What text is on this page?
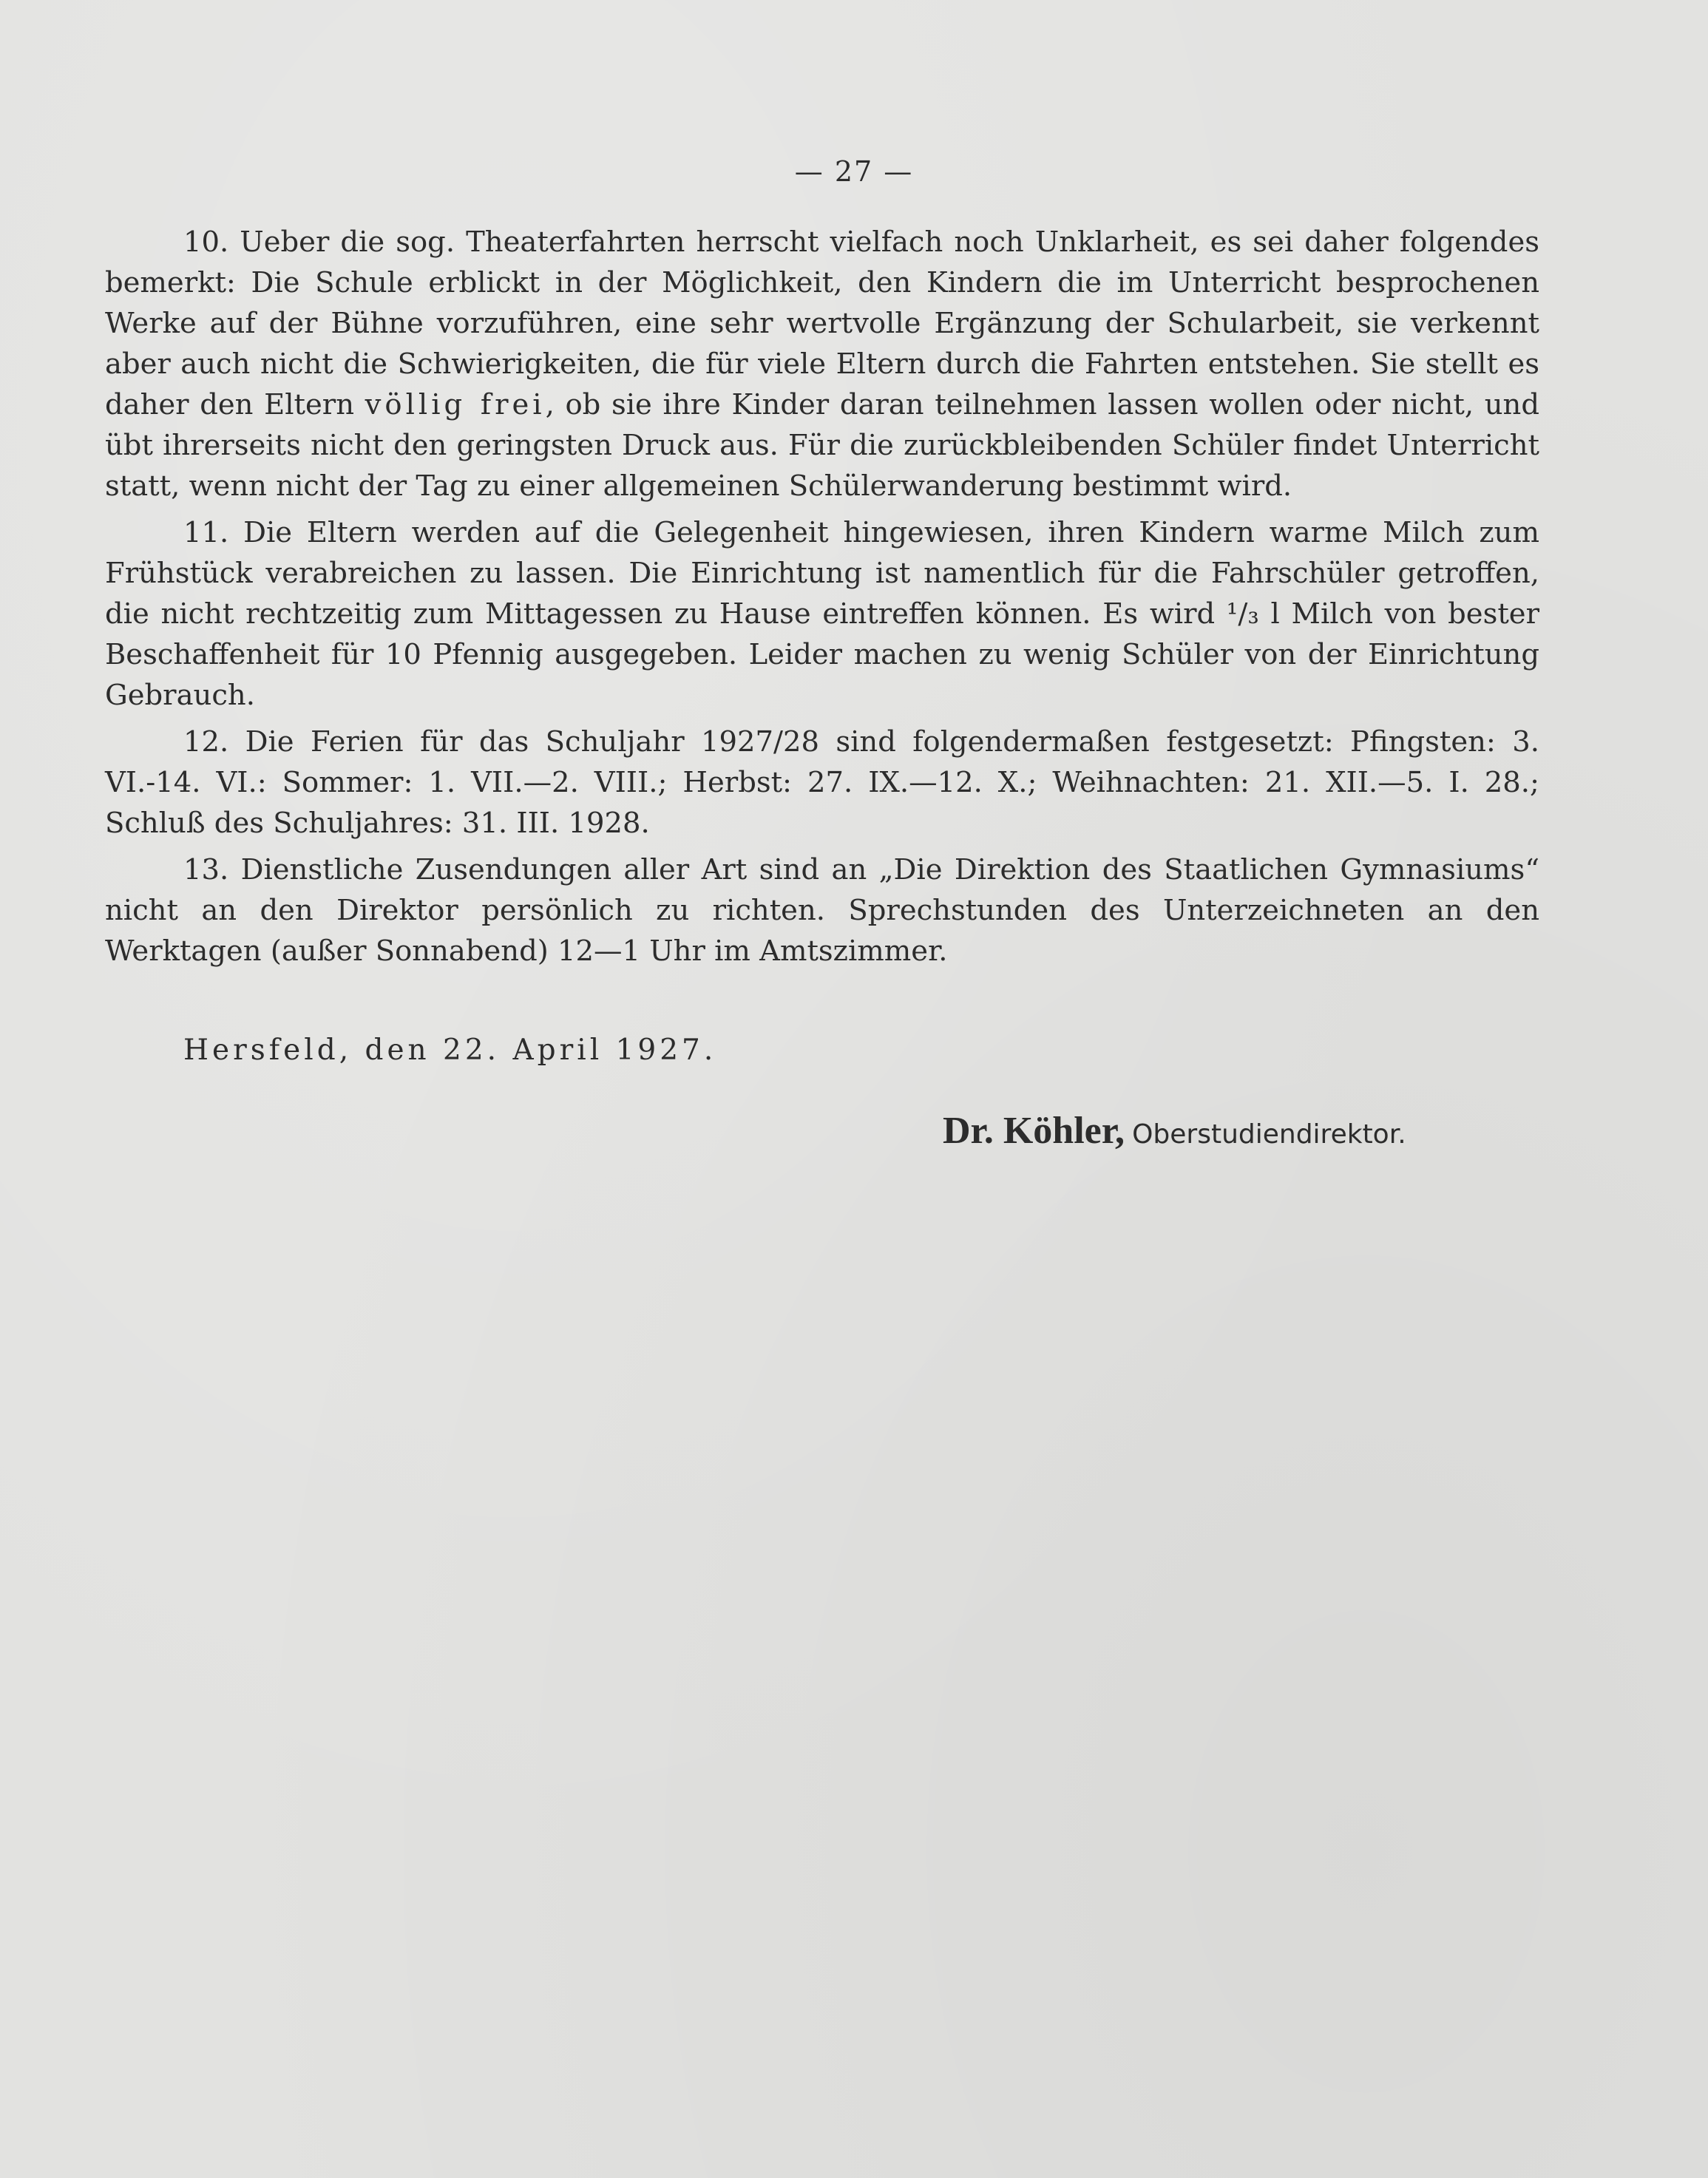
— 27 —

10. Ueber die sog. Theaterfahrten herrscht vielfach noch Unklarheit, es sei daher folgendes bemerkt: Die Schule erblickt in der Möglichkeit, den Kindern die im Unterricht besprochenen Werke auf der Bühne vorzuführen, eine sehr wertvolle Ergänzung der Schularbeit, sie verkennt aber auch nicht die Schwierigkeiten, die für viele Eltern durch die Fahrten entstehen. Sie stellt es daher den Eltern völlig frei, ob sie ihre Kinder daran teilnehmen lassen wollen oder nicht, und übt ihrerseits nicht den geringsten Druck aus. Für die zurückbleibenden Schüler findet Unterricht statt, wenn nicht der Tag zu einer allgemeinen Schülerwanderung bestimmt wird.

11. Die Eltern werden auf die Gelegenheit hingewiesen, ihren Kindern warme Milch zum Frühstück verabreichen zu lassen. Die Einrichtung ist namentlich für die Fahrschüler getroffen, die nicht rechtzeitig zum Mittagessen zu Hause eintreffen können. Es wird ¹/₃ l Milch von bester Beschaffenheit für 10 Pfennig ausgegeben. Leider machen zu wenig Schüler von der Einrichtung Gebrauch.

12. Die Ferien für das Schuljahr 1927/28 sind folgendermaßen festgesetzt: Pfingsten: 3. VI.-14. VI.: Sommer: 1. VII.—2. VIII.; Herbst: 27. IX.—12. X.; Weihnachten: 21. XII.—5. I. 28.; Schluß des Schuljahres: 31. III. 1928.

13. Dienstliche Zusendungen aller Art sind an „Die Direktion des Staatlichen Gymnasiums“ nicht an den Direktor persönlich zu richten. Sprechstunden des Unterzeichneten an den Werktagen (außer Sonnabend) 12—1 Uhr im Amtszimmer.

Hersfeld, den 22. April 1927.
Dr. Köhler, Oberstudiendirektor.
